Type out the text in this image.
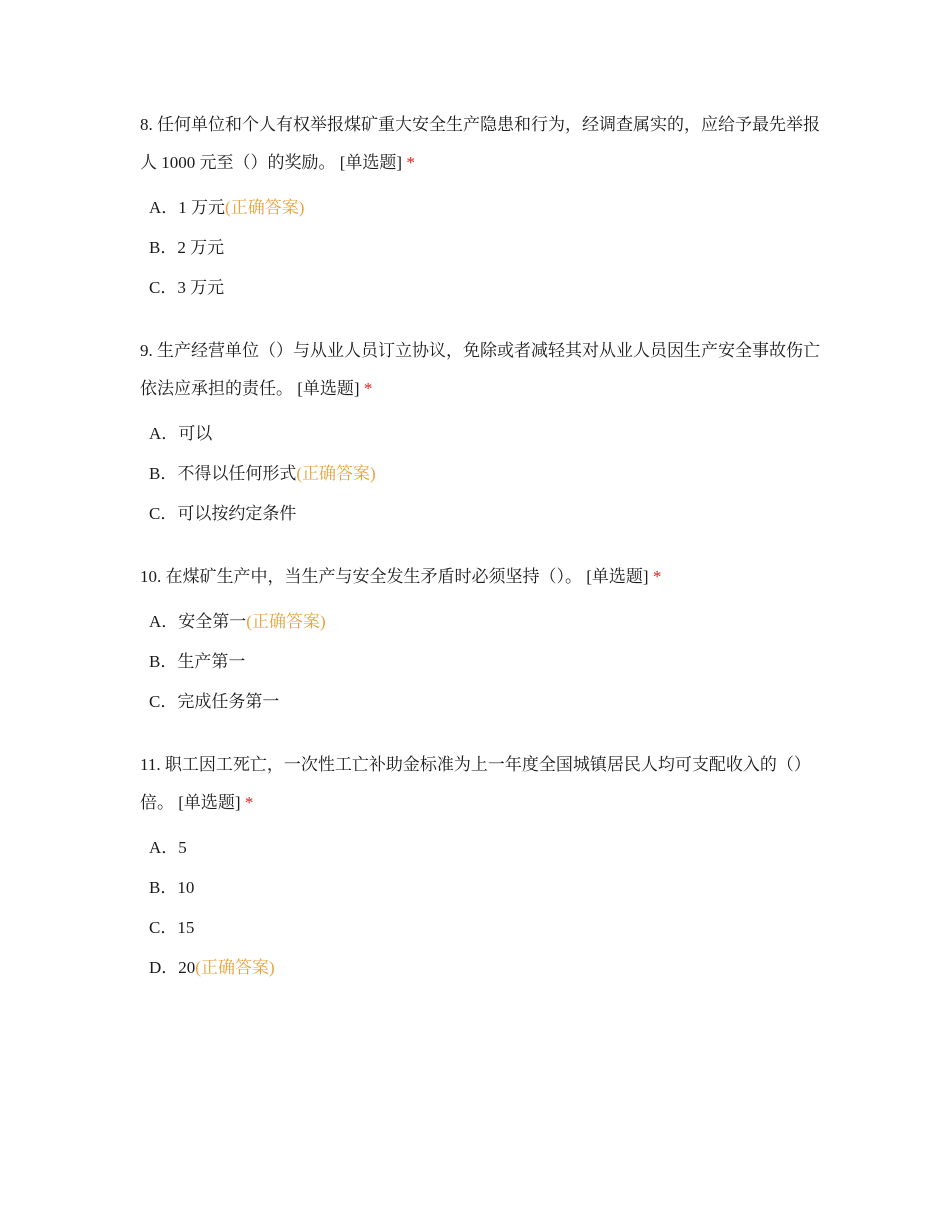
8. 任何单位和个人有权举报煤矿重大安全生产隐患和行为，经调查属实的，应给予最先举报人 1000 元至（）的奖励。 [单选题] *
A．1 万元(正确答案)
B．2 万元
C．3 万元
9. 生产经营单位（）与从业人员订立协议，免除或者减轻其对从业人员因生产安全事故伤亡依法应承担的责任。 [单选题] *
A．可以
B．不得以任何形式(正确答案)
C．可以按约定条件
10. 在煤矿生产中，当生产与安全发生矛盾时必须坚持（）。 [单选题] *
A．安全第一(正确答案)
B．生产第一
C．完成任务第一
11. 职工因工死亡，一次性工亡补助金标准为上一年度全国城镇居民人均可支配收入的（）倍。 [单选题] *
A．5
B．10
C．15
D．20(正确答案)
